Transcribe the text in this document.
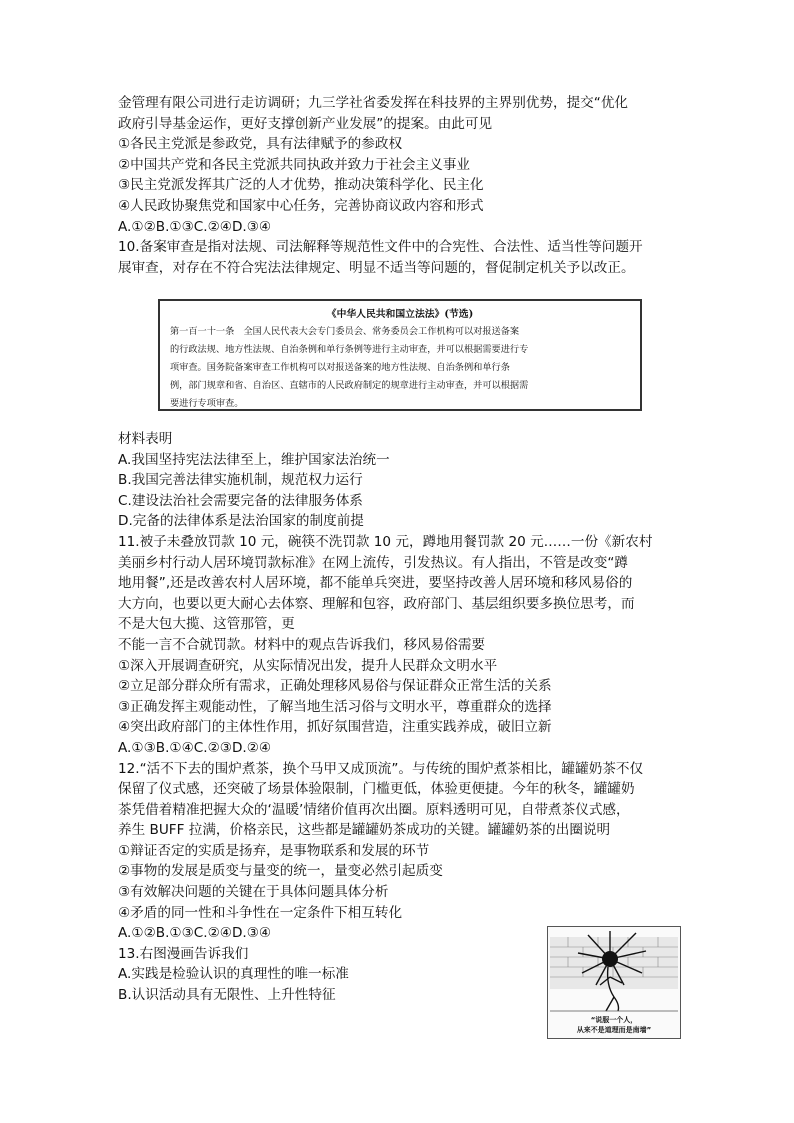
金管理有限公司进行走访调研；九三学社省委发挥在科技界的主界别优势，提交“优化
政府引导基金运作，更好支撑创新产业发展”的提案。由此可见
①各民主党派是参政党，具有法律赋予的参政权
②中国共产党和各民主党派共同执政并致力于社会主义事业
③民主党派发挥其广泛的人才优势，推动决策科学化、民主化
④人民政协聚焦党和国家中心任务，完善协商议政内容和形式
A.①②B.①③C.②④D.③④
10.备案审查是指对法规、司法解释等规范性文件中的合宪性、合法性、适当性等问题开
展审查，对存在不符合宪法法律规定、明显不适当等问题的，督促制定机关予以改正。
《中华人民共和国立法法》(节选)
第一百一十一条　全国人民代表大会专门委员会、常务委员会工作机构可以对报送备案
的行政法规、地方性法规、自治条例和单行条例等进行主动审查，并可以根据需要进行专
项审查。国务院备案审查工作机构可以对报送备案的地方性法规、自治条例和单行条
例，部门规章和省、自治区、直辖市的人民政府制定的规章进行主动审查，并可以根据需
要进行专项审查。
材料表明
A.我国坚持宪法法律至上，维护国家法治统一
B.我国完善法律实施机制，规范权力运行
C.建设法治社会需要完备的法律服务体系
D.完备的法律体系是法治国家的制度前提
11.被子未叠放罚款 10 元，碗筷不洗罚款 10 元，蹲地用餐罚款 20 元……一份《新农村
美丽乡村行动人居环境罚款标准》在网上流传，引发热议。有人指出，不管是改变“蹲
地用餐”,还是改善农村人居环境，都不能单兵突进，要坚持改善人居环境和移风易俗的
大方向，也要以更大耐心去体察、理解和包容，政府部门、基层组织要多换位思考，而
不是大包大揽、这管那管，更
不能一言不合就罚款。材料中的观点告诉我们，移风易俗需要
①深入开展调查研究，从实际情况出发，提升人民群众文明水平
②立足部分群众所有需求，正确处理移风易俗与保证群众正常生活的关系
③正确发挥主观能动性，了解当地生活习俗与文明水平，尊重群众的选择
④突出政府部门的主体性作用，抓好氛围营造，注重实践养成，破旧立新
A.①③B.①④C.②③D.②④
12.“活不下去的围炉煮茶，换个马甲又成顶流”。与传统的围炉煮茶相比，罐罐奶茶不仅
保留了仪式感，还突破了场景体验限制，门槛更低，体验更便捷。今年的秋冬，罐罐奶
茶凭借着精准把握大众的‘温暖’情绪价值再次出圈。原料透明可见，自带煮茶仪式感，
养生 BUFF 拉满，价格亲民，这些都是罐罐奶茶成功的关键。罐罐奶茶的出圈说明
①辩证否定的实质是扬弃，是事物联系和发展的环节
②事物的发展是质变与量变的统一，量变必然引起质变
③有效解决问题的关键在于具体问题具体分析
④矛盾的同一性和斗争性在一定条件下相互转化
A.①②B.①③C.②④D.③④
13.右图漫画告诉我们
A.实践是检验认识的真理性的唯一标准
B.认识活动具有无限性、上升性特征
“说服一个人，
从来不是道理而是南墙”
